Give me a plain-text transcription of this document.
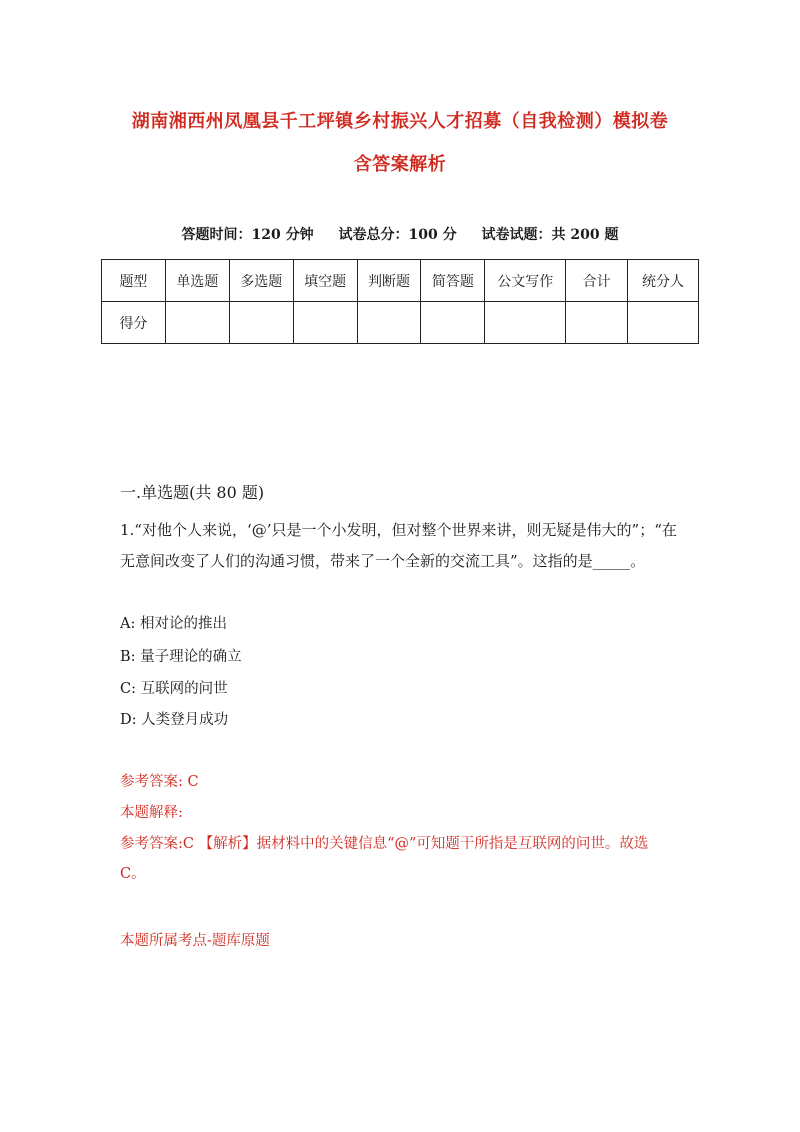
湖南湘西州凤凰县千工坪镇乡村振兴人才招募（自我检测）模拟卷
含答案解析
答题时间：120 分钟 试卷总分：100 分 试卷试题：共 200 题
题型	单选题	多选题	填空题	判断题	简答题	公文写作	合计	统分人
得分								
一.单选题(共 80 题)
1.“对他个人来说，‘@’只是一个小发明，但对整个世界来讲，则无疑是伟大的”；“在无意间改变了人们的沟通习惯，带来了一个全新的交流工具”。这指的是_____。
A: 相对论的推出
B: 量子理论的确立
C: 互联网的问世
D: 人类登月成功
参考答案: C
本题解释:
参考答案:C 【解析】据材料中的关键信息“@”可知题干所指是互联网的问世。故选 C。
本题所属考点-题库原题
